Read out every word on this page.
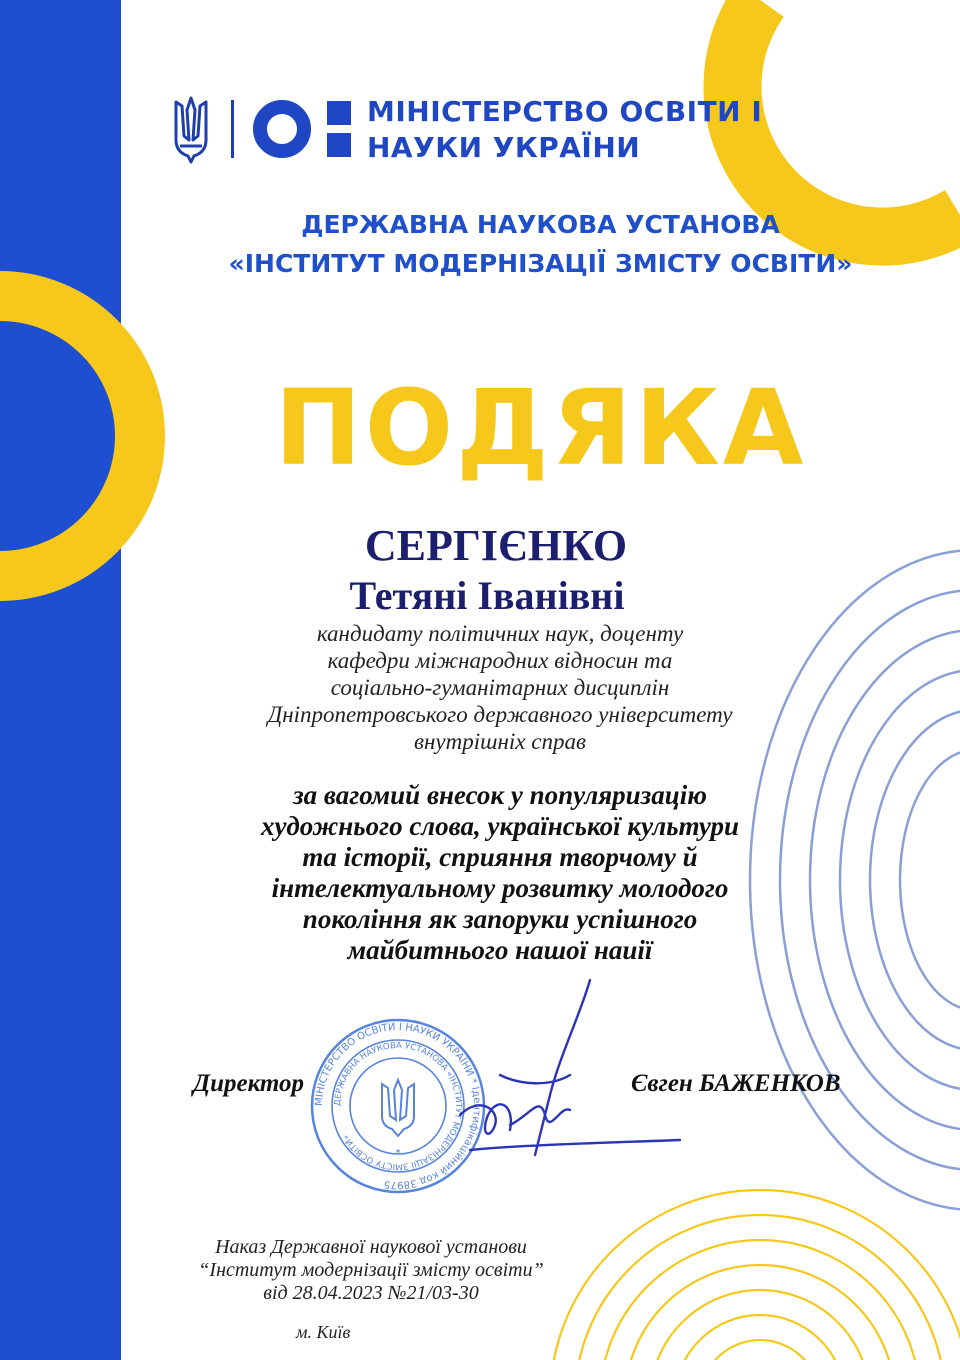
МІНІСТЕРСТВО ОСВІТИ І
НАУКИ УКРАЇНИ
ДЕРЖАВНА НАУКОВА УСТАНОВА
«ІНСТИТУТ МОДЕРНІЗАЦІЇ ЗМІСТУ ОСВІТИ»
ПОДЯКА
СЕРГІЄНКО
Тетяні Іванівні
кандидату політичних наук, доценту
кафедри міжнародних відносин та
соціально-гуманітарних дисциплін
Дніпропетровського державного університету
внутрішніх справ
за вагомий внесок у популяризацію
художнього слова, української культури
та історії, сприяння творчому й
інтелектуальному розвитку молодого
покоління як запоруки успішного
майбитнього нашої наиії
МІНІСТЕРСТВО ОСВІТИ І НАУКИ УКРАЇНИ * Ідентифікаційний код 38975
ДЕРЖАВНА НАУКОВА УСТАНОВА «ІНСТИТУТ МОДЕРНІЗАЦІЇ ЗМІСТУ ОСВІТИ»
*
Директор	Євген БАЖЕНКОВ
Наказ Державної наукової установи
“Інститут модернізації змісту освіти”
від 28.04.2023 №21/03-30
м. Київ
